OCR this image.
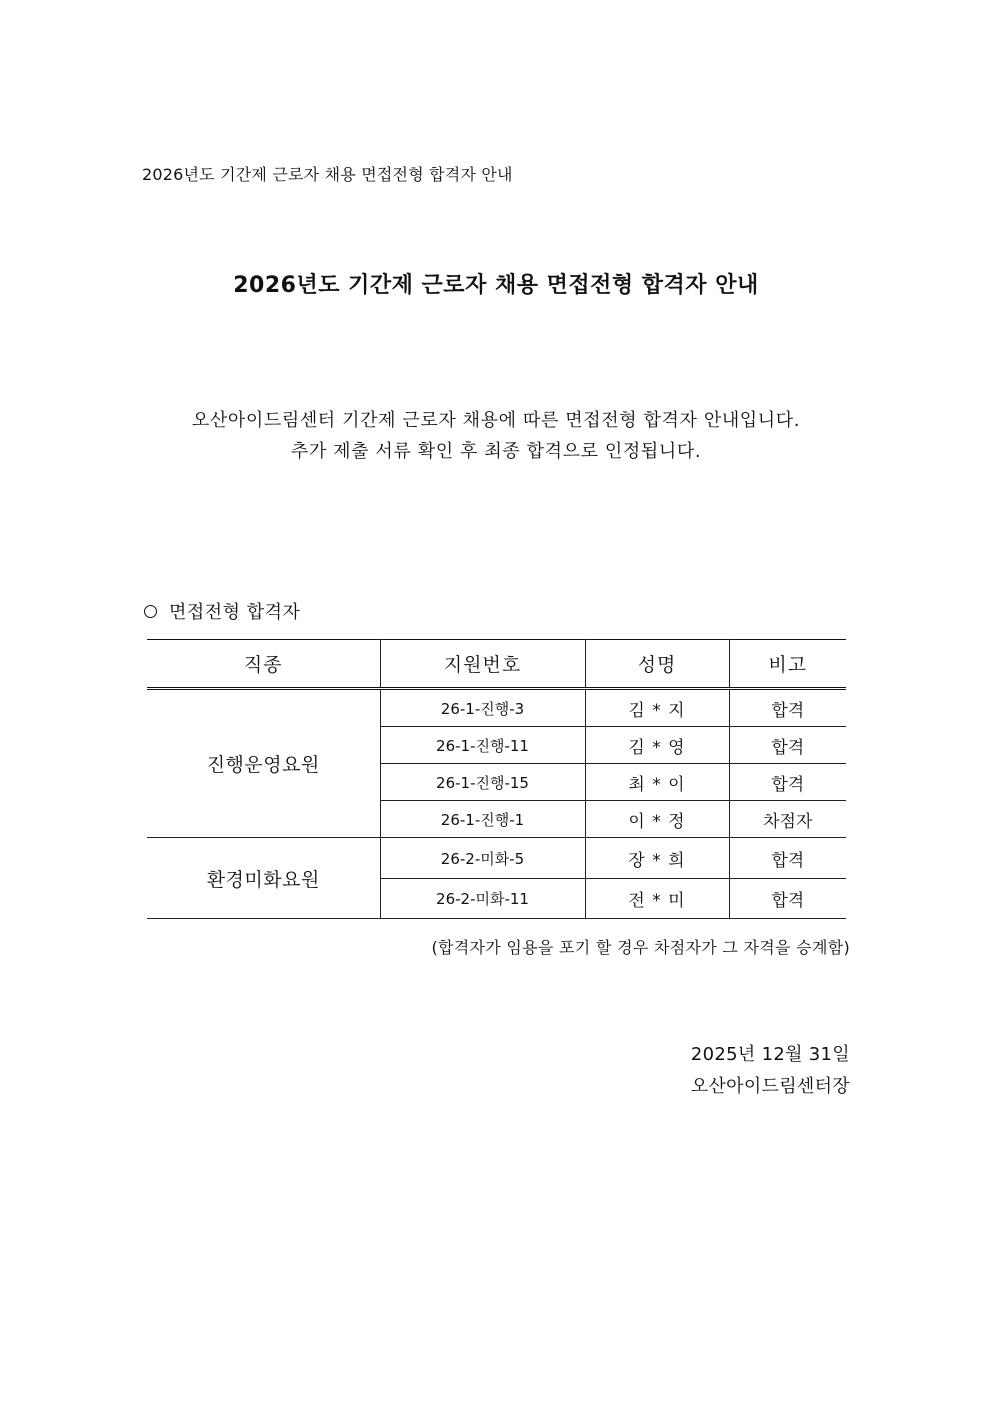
2026년도 기간제 근로자 채용 면접전형 합격자 안내
2026년도 기간제 근로자 채용 면접전형 합격자 안내
오산아이드림센터 기간제 근로자 채용에 따른 면접전형 합격자 안내입니다.
추가 제출 서류 확인 후 최종 합격으로 인정됩니다.
면접전형 합격자
직종	지원번호	성명	비고
진행운영요원	26-1-진행-3	김 * 지	합격
	26-1-진행-11	김 * 영	합격
	26-1-진행-15	최 * 이	합격
	26-1-진행-1	이 * 정	차점자
환경미화요원	26-2-미화-5	장 * 희	합격
	26-2-미화-11	전 * 미	합격
(합격자가 임용을 포기 할 경우 차점자가 그 자격을 승계함)
2025년 12월 31일
오산아이드림센터장
